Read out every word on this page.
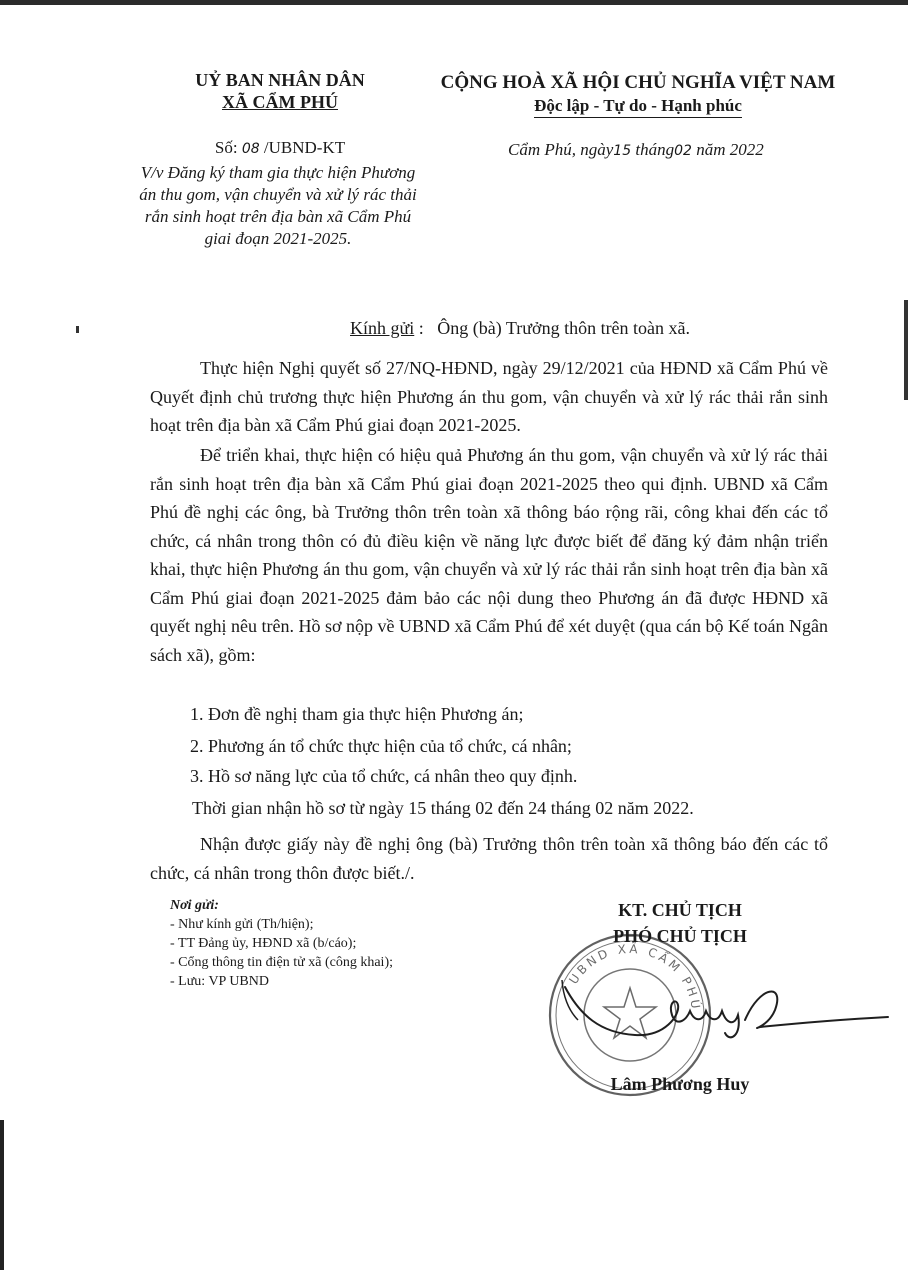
UỶ BAN NHÂN DÂN
XÃ CẨM PHÚ
Số: 08 /UBND-KT
V/v Đăng ký tham gia thực hiện Phương án thu gom, vận chuyển và xử lý rác thải rắn sinh hoạt trên địa bàn xã Cẩm Phú giai đoạn 2021-2025.
CỘNG HOÀ XÃ HỘI CHỦ NGHĨA VIỆT NAM
Độc lập - Tự do - Hạnh phúc
Cẩm Phú, ngày15 tháng02 năm 2022
Kính gửi : Ông (bà) Trưởng thôn trên toàn xã.
Thực hiện Nghị quyết số 27/NQ-HĐND, ngày 29/12/2021 của HĐND xã Cẩm Phú về Quyết định chủ trương thực hiện Phương án thu gom, vận chuyển và xử lý rác thải rắn sinh hoạt trên địa bàn xã Cẩm Phú giai đoạn 2021-2025.
Để triển khai, thực hiện có hiệu quả Phương án thu gom, vận chuyển và xử lý rác thải rắn sinh hoạt trên địa bàn xã Cẩm Phú giai đoạn 2021-2025 theo qui định. UBND xã Cẩm Phú đề nghị các ông, bà Trưởng thôn trên toàn xã thông báo rộng rãi, công khai đến các tổ chức, cá nhân trong thôn có đủ điều kiện về năng lực được biết để đăng ký đảm nhận triển khai, thực hiện Phương án thu gom, vận chuyển và xử lý rác thải rắn sinh hoạt trên địa bàn xã Cẩm Phú giai đoạn 2021-2025 đảm bảo các nội dung theo Phương án đã được HĐND xã quyết nghị nêu trên. Hồ sơ nộp về UBND xã Cẩm Phú để xét duyệt (qua cán bộ Kế toán Ngân sách xã), gồm:
1. Đơn đề nghị tham gia thực hiện Phương án;
2. Phương án tổ chức thực hiện của tổ chức, cá nhân;
3. Hồ sơ năng lực của tổ chức, cá nhân theo quy định.
Thời gian nhận hồ sơ từ ngày 15 tháng 02 đến 24 tháng 02 năm 2022.
Nhận được giấy này đề nghị ông (bà) Trưởng thôn trên toàn xã thông báo đến các tổ chức, cá nhân trong thôn được biết./.
Nơi gửi:
- Như kính gửi (Th/hiện);
- TT Đảng ủy, HĐND xã (b/cáo);
- Cổng thông tin điện tử xã (công khai);
- Lưu: VP UBND	UBND XÃ CẨM PHÚ
KT. CHỦ TỊCH
PHÓ CHỦ TỊCH
Lâm Phương Huy
